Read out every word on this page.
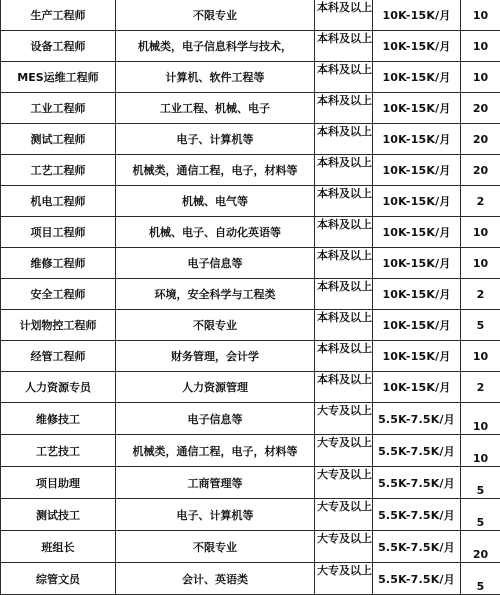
生产工程师	不限专业	本科及以上	10K-15K/月	10
设备工程师	机械类，电子信息科学与技术，	本科及以上	10K-15K/月	10
MES运维工程师	计算机、软件工程等	本科及以上	10K-15K/月	10
工业工程师	工业工程、机械、电子	本科及以上	10K-15K/月	20
测试工程师	电子、计算机等	本科及以上	10K-15K/月	20
工艺工程师	机械类，通信工程，电子，材料等	本科及以上	10K-15K/月	20
机电工程师	机械、电气等	本科及以上	10K-15K/月	2
项目工程师	机械、电子、自动化英语等	本科及以上	10K-15K/月	10
维修工程师	电子信息等	本科及以上	10K-15K/月	10
安全工程师	环境，安全科学与工程类	本科及以上	10K-15K/月	2
计划物控工程师	不限专业	本科及以上	10K-15K/月	5
经管工程师	财务管理，会计学	本科及以上	10K-15K/月	10
人力资源专员	人力资源管理	本科及以上	10K-15K/月	2
维修技工	电子信息等	大专及以上	5.5K-7.5K/月	10
工艺技工	机械类，通信工程，电子，材料等	大专及以上	5.5K-7.5K/月	10
项目助理	工商管理等	大专及以上	5.5K-7.5K/月	5
测试技工	电子、计算机等	大专及以上	5.5K-7.5K/月	5
班组长	不限专业	大专及以上	5.5K-7.5K/月	20
综管文员	会计、英语类	大专及以上	5.5K-7.5K/月	5
